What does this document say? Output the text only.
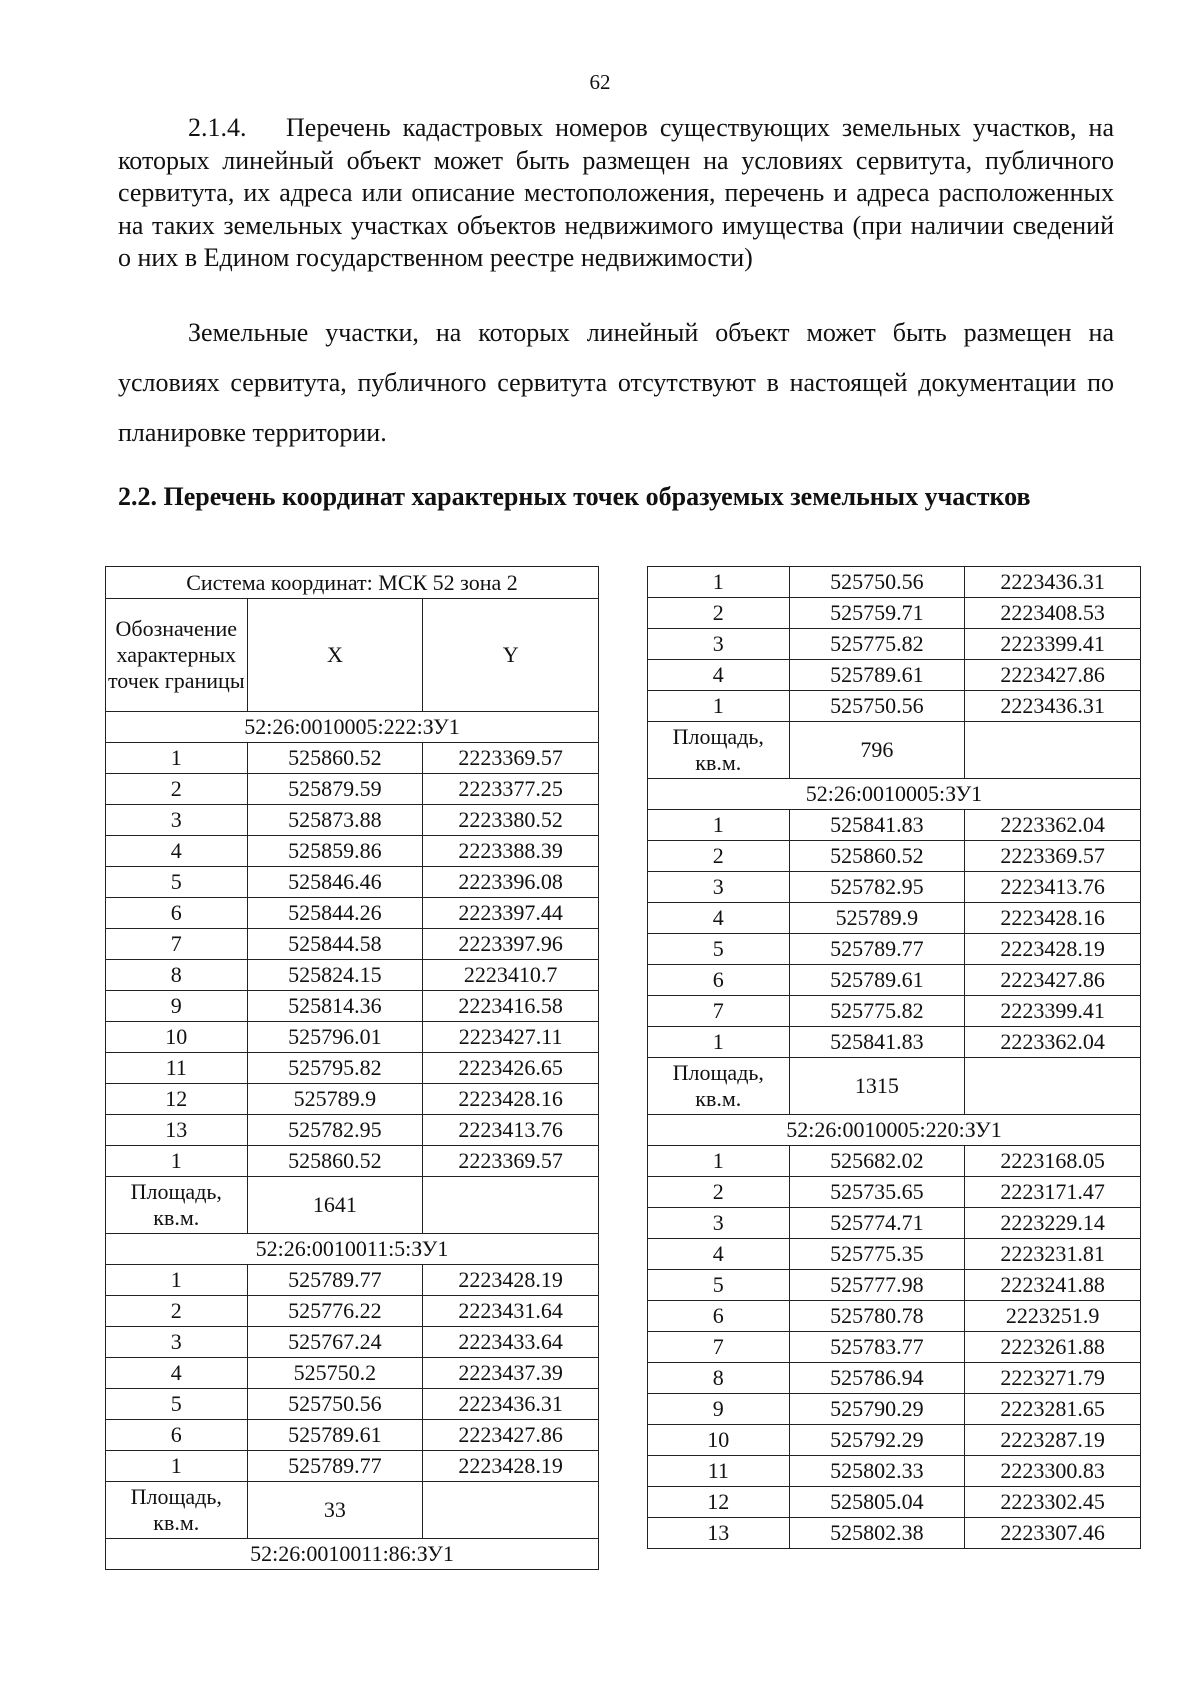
62
2.1.4. Перечень кадастровых номеров существующих земельных участков, на которых линейный объект может быть размещен на условиях сервитута, публичного сервитута, их адреса или описание местоположения, перечень и адреса расположенных на таких земельных участках объектов недвижимого имущества (при наличии сведений о них в Едином государственном реестре недвижимости)
Земельные участки, на которых линейный объект может быть размещен на условиях сервитута, публичного сервитута отсутствуют в настоящей документации по планировке территории.
2.2. Перечень координат характерных точек образуемых земельных участков
Система координат: МСК 52 зона 2		
Обозначение характерных точек границы	X	Y
52:26:0010005:222:ЗУ1		
1	525860.52	2223369.57
2	525879.59	2223377.25
3	525873.88	2223380.52
4	525859.86	2223388.39
5	525846.46	2223396.08
6	525844.26	2223397.44
7	525844.58	2223397.96
8	525824.15	2223410.7
9	525814.36	2223416.58
10	525796.01	2223427.11
11	525795.82	2223426.65
12	525789.9	2223428.16
13	525782.95	2223413.76
1	525860.52	2223369.57
Площадь, кв.м.	1641	
52:26:0010011:5:ЗУ1		
1	525789.77	2223428.19
2	525776.22	2223431.64
3	525767.24	2223433.64
4	525750.2	2223437.39
5	525750.56	2223436.31
6	525789.61	2223427.86
1	525789.77	2223428.19
Площадь, кв.м.	33	
52:26:0010011:86:ЗУ1		
1	525750.56	2223436.31
2	525759.71	2223408.53
3	525775.82	2223399.41
4	525789.61	2223427.86
1	525750.56	2223436.31
Площадь, кв.м.	796	
52:26:0010005:ЗУ1		
1	525841.83	2223362.04
2	525860.52	2223369.57
3	525782.95	2223413.76
4	525789.9	2223428.16
5	525789.77	2223428.19
6	525789.61	2223427.86
7	525775.82	2223399.41
1	525841.83	2223362.04
Площадь, кв.м.	1315	
52:26:0010005:220:ЗУ1		
1	525682.02	2223168.05
2	525735.65	2223171.47
3	525774.71	2223229.14
4	525775.35	2223231.81
5	525777.98	2223241.88
6	525780.78	2223251.9
7	525783.77	2223261.88
8	525786.94	2223271.79
9	525790.29	2223281.65
10	525792.29	2223287.19
11	525802.33	2223300.83
12	525805.04	2223302.45
13	525802.38	2223307.46
